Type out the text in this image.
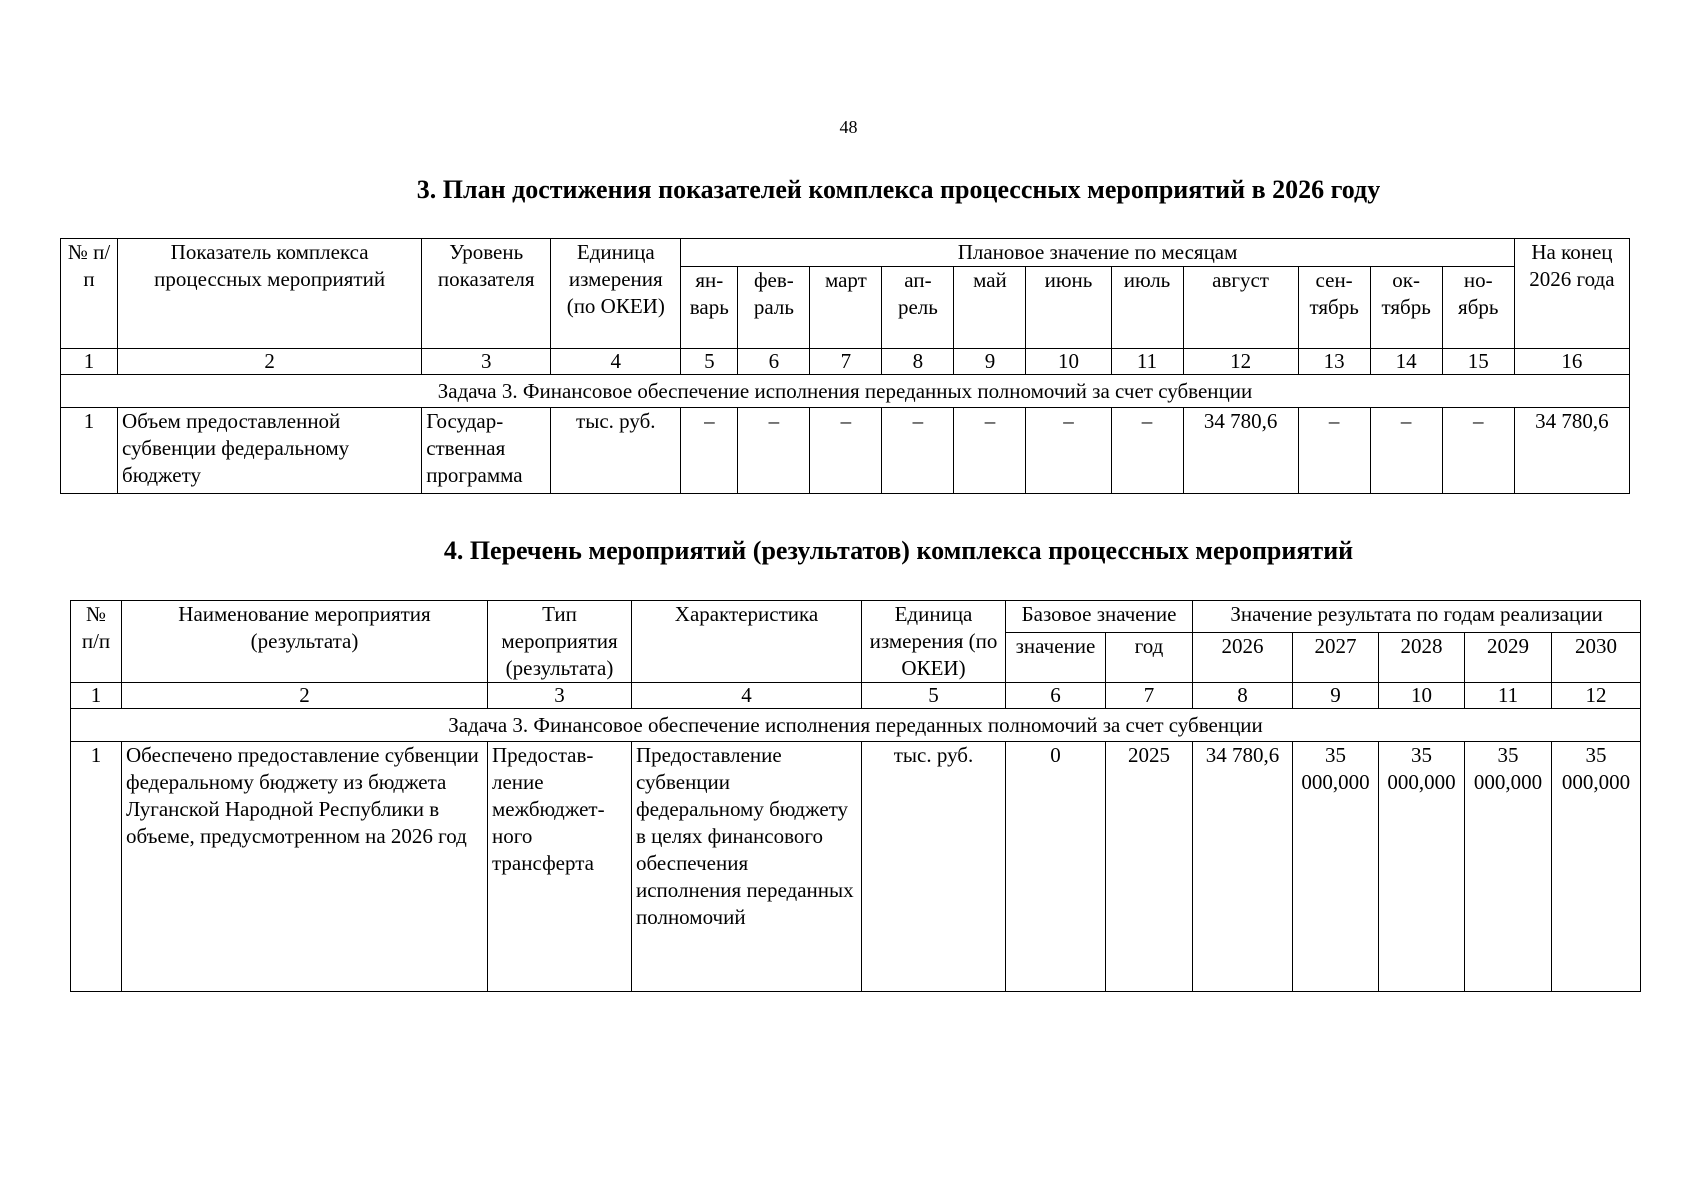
48
3. План достижения показателей комплекса процессных мероприятий в 2026 году
№ п/п	Показатель комплекса процессных мероприятий	Уровень показателя	Единица измерения (по ОКЕИ)	Плановое значение по месяцам											На конец 2026 года
				ян-варь	фев-раль	март	ап-рель	май	июнь	июль	август	сен-тябрь	ок-тябрь	но-ябрь	
1	2	3	4	5	6	7	8	9	10	11	12	13	14	15	16
Задача 3. Финансовое обеспечение исполнения переданных полномочий за счет субвенции															
1	Объем предоставленной субвенции федеральному бюджету	Государ-ственная программа	тыс. руб.	–	–	–	–	–	–	–	34 780,6	–	–	–	34 780,6
4. Перечень мероприятий (результатов) комплекса процессных мероприятий
№ п/п	Наименование мероприятия (результата)	Тип мероприятия (результата)	Характеристика	Единица измерения (по ОКЕИ)	Базовое значение		Значение результата по годам реализации				
					значение	год	2026	2027	2028	2029	2030
1	2	3	4	5	6	7	8	9	10	11	12
Задача 3. Финансовое обеспечение исполнения переданных полномочий за счет субвенции											
1	Обеспечено предоставление субвенции федеральному бюджету из бюджета Луганской Народной Республики в объеме, предусмотренном на 2026 год	Предостав-ление межбюджет-ного трансферта	Предоставление субвенции федеральному бюджету в целях финансового обеспечения исполнения переданных полномочий	тыс. руб.	0	2025	34 780,6	35 000,000	35 000,000	35 000,000	35 000,000
